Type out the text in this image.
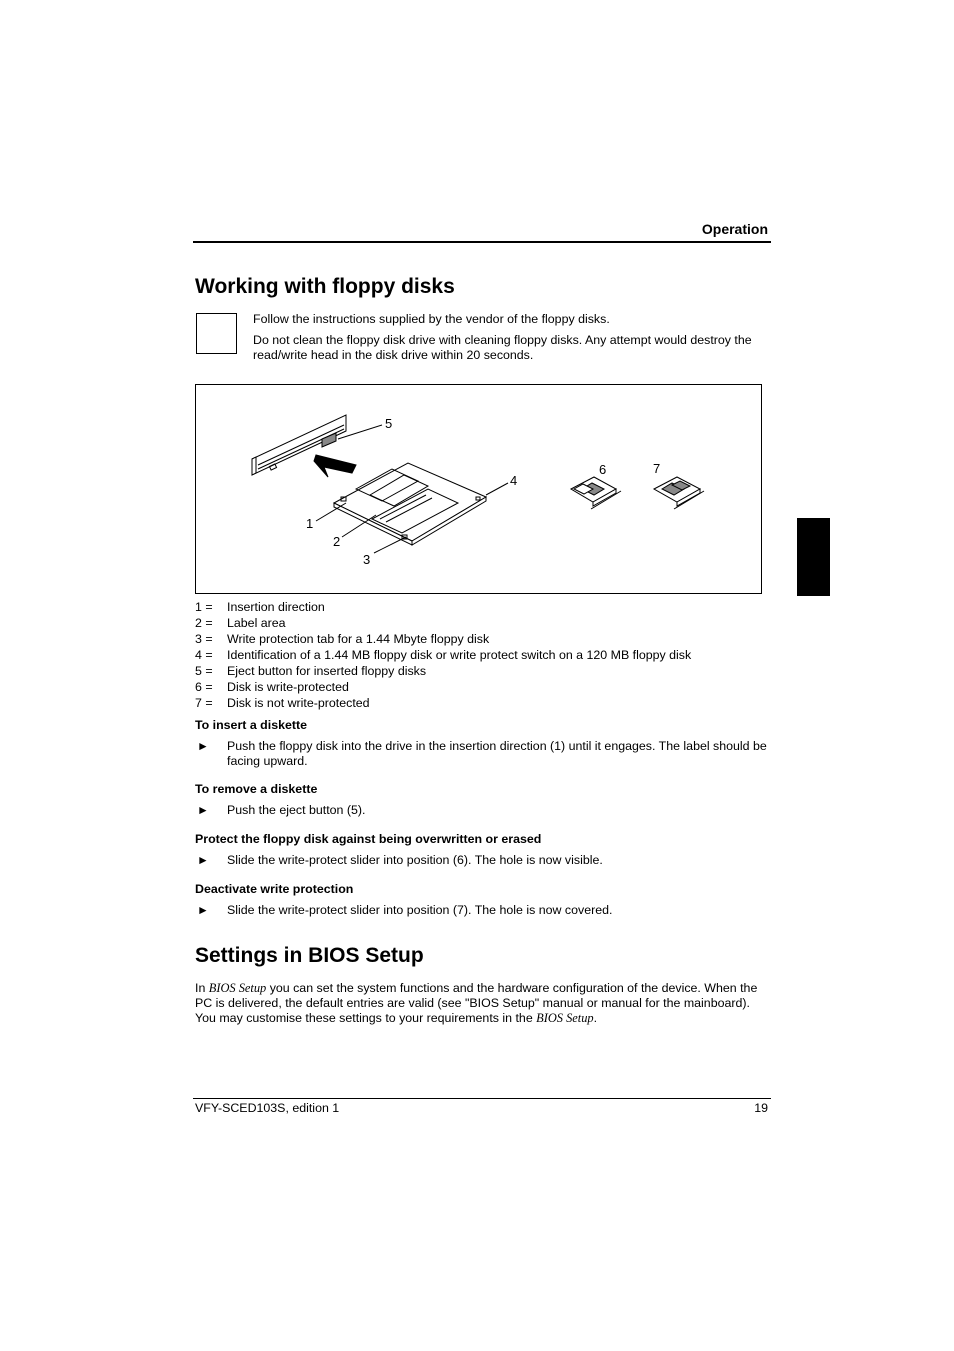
Operation
Working with floppy disks
Follow the instructions supplied by the vendor of the floppy disks.
Do not clean the floppy disk drive with cleaning floppy disks. Any attempt would destroy the read/write head in the disk drive within 20 seconds.
1
2
3
4
5
6	7
1 = Insertion direction
2 = Label area
3 = Write protection tab for a 1.44 Mbyte floppy disk
4 = Identification of a 1.44 MB floppy disk or write protect switch on a 120 MB floppy disk
5 = Eject button for inserted floppy disks
6 = Disk is write-protected
7 = Disk is not write-protected
To insert a diskette
► Push the floppy disk into the drive in the insertion direction (1) until it engages. The label should be facing upward.
To remove a diskette
► Push the eject button (5).
Protect the floppy disk against being overwritten or erased
► Slide the write-protect slider into position (6). The hole is now visible.
Deactivate write protection
► Slide the write-protect slider into position (7). The hole is now covered.
Settings in BIOS Setup
In BIOS Setup you can set the system functions and the hardware configuration of the device. When the PC is delivered, the default entries are valid (see "BIOS Setup" manual or manual for the mainboard). You may customise these settings to your requirements in the BIOS Setup.
VFY-SCED103S, edition 1	19
